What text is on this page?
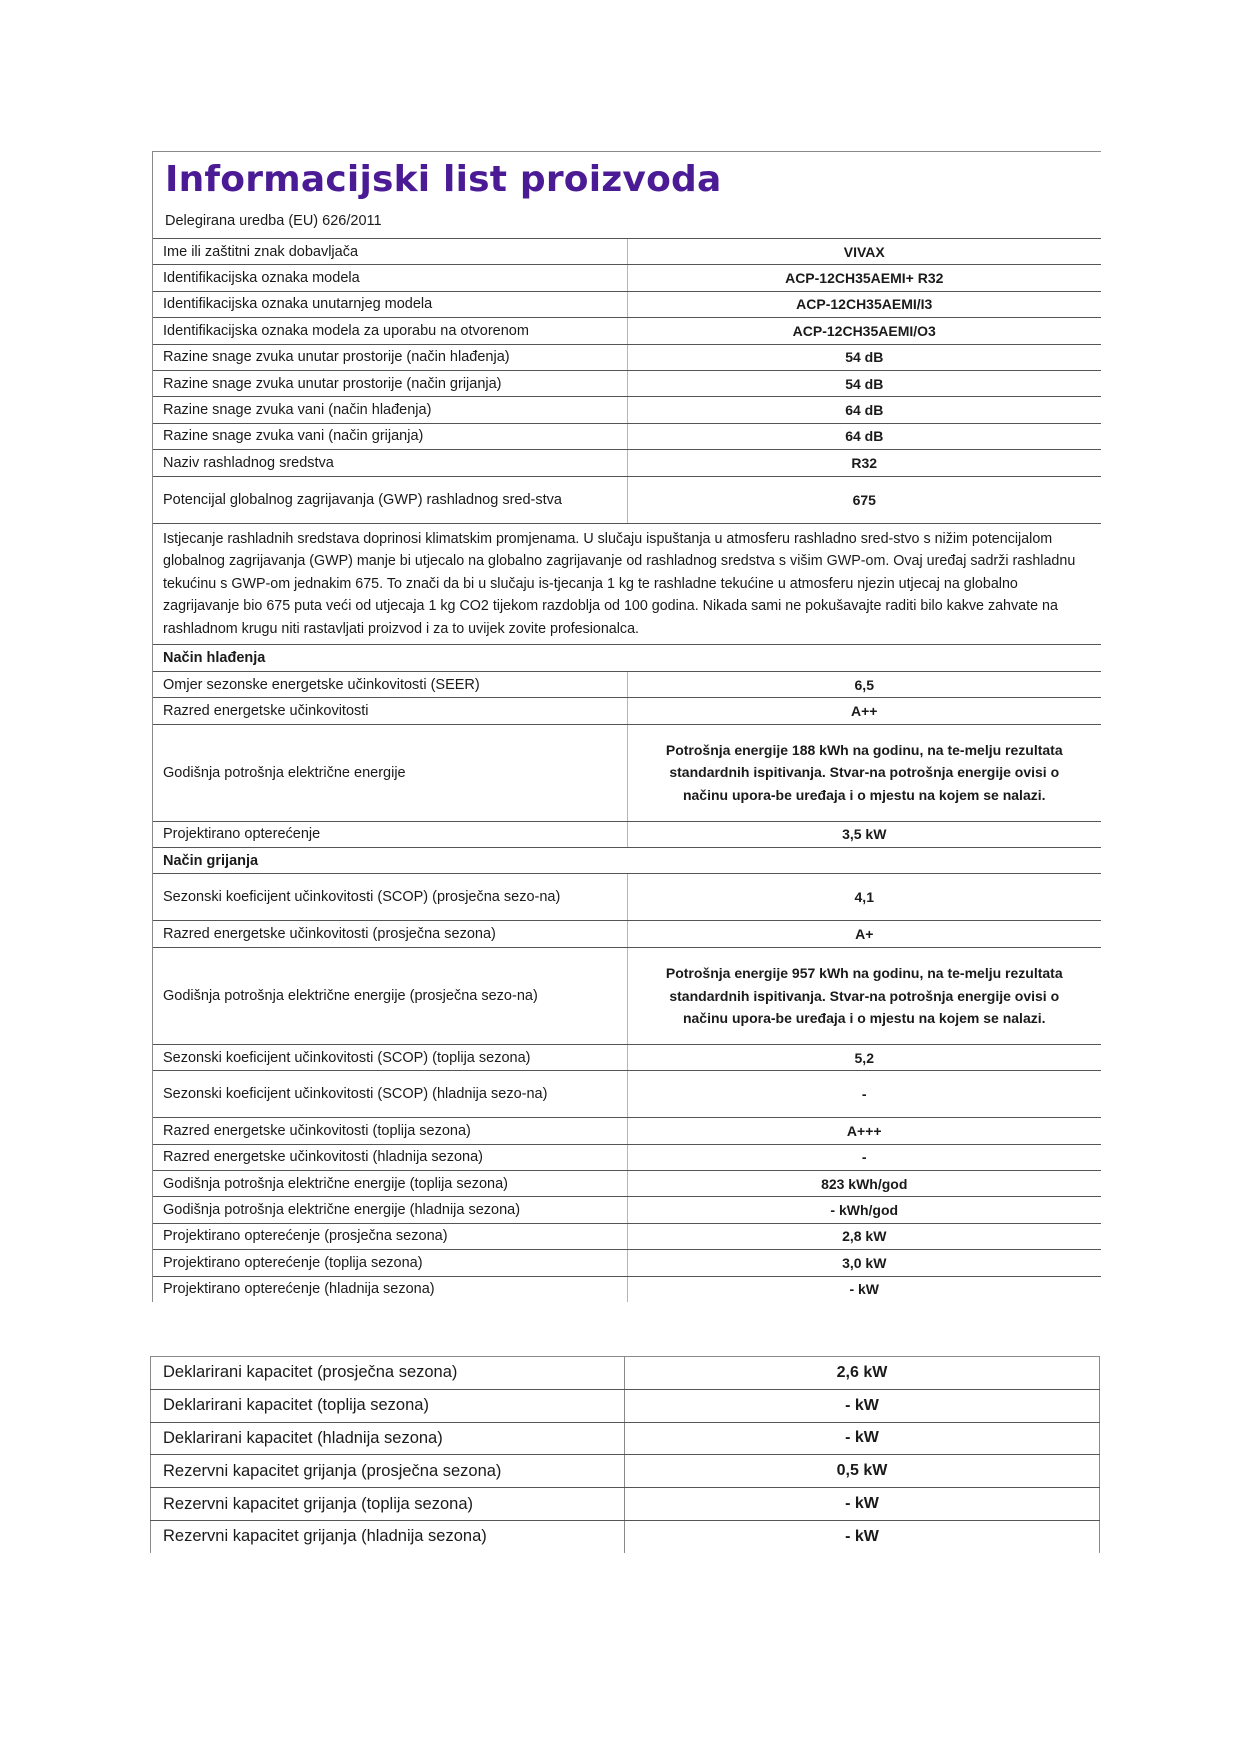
Informacijski list proizvoda
Delegirana uredba (EU) 626/2011
Ime ili zaštitni znak dobavljača	VIVAX
Identifikacijska oznaka modela	ACP-12CH35AEMI+ R32
Identifikacijska oznaka unutarnjeg modela	ACP-12CH35AEMI/I3
Identifikacijska oznaka modela za uporabu na otvorenom	ACP-12CH35AEMI/O3
Razine snage zvuka unutar prostorije (način hlađenja)	54 dB
Razine snage zvuka unutar prostorije (način grijanja)	54 dB
Razine snage zvuka vani (način hlađenja)	64 dB
Razine snage zvuka vani (način grijanja)	64 dB
Naziv rashladnog sredstva	R32
Potencijal globalnog zagrijavanja (GWP) rashladnog sred-stva	675
Istjecanje rashladnih sredstava doprinosi klimatskim promjenama. U slučaju ispuštanja u atmosferu rashladno sred-stvo s nižim potencijalom globalnog zagrijavanja (GWP) manje bi utjecalo na globalno zagrijavanje od rashladnog sredstva s višim GWP-om. Ovaj uređaj sadrži rashladnu tekućinu s GWP-om jednakim 675. To znači da bi u slučaju is-tjecanja 1 kg te rashladne tekućine u atmosferu njezin utjecaj na globalno zagrijavanje bio 675 puta veći od utjecaja 1 kg CO2 tijekom razdoblja od 100 godina. Nikada sami ne pokušavajte raditi bilo kakve zahvate na rashladnom krugu niti rastavljati proizvod i za to uvijek zovite profesionalca.	
Način hlađenja	
Omjer sezonske energetske učinkovitosti (SEER)	6,5
Razred energetske učinkovitosti	A++
Godišnja potrošnja električne energije	Potrošnja energije 188 kWh na godinu, na te-melju rezultata standardnih ispitivanja. Stvar-na potrošnja energije ovisi o načinu upora-be uređaja i o mjestu na kojem se nalazi.
Projektirano opterećenje	3,5 kW
Način grijanja	
Sezonski koeficijent učinkovitosti (SCOP) (prosječna sezo-na)	4,1
Razred energetske učinkovitosti (prosječna sezona)	A+
Godišnja potrošnja električne energije (prosječna sezo-na)	Potrošnja energije 957 kWh na godinu, na te-melju rezultata standardnih ispitivanja. Stvar-na potrošnja energije ovisi o načinu upora-be uređaja i o mjestu na kojem se nalazi.
Sezonski koeficijent učinkovitosti (SCOP) (toplija sezona)	5,2
Sezonski koeficijent učinkovitosti (SCOP) (hladnija sezo-na)	-
Razred energetske učinkovitosti (toplija sezona)	A+++
Razred energetske učinkovitosti (hladnija sezona)	-
Godišnja potrošnja električne energije (toplija sezona)	823 kWh/god
Godišnja potrošnja električne energije (hladnija sezona)	- kWh/god
Projektirano opterećenje (prosječna sezona)	2,8 kW
Projektirano opterećenje (toplija sezona)	3,0 kW
Projektirano opterećenje (hladnija sezona)	- kW
Deklarirani kapacitet (prosječna sezona)	2,6 kW
Deklarirani kapacitet (toplija sezona)	- kW
Deklarirani kapacitet (hladnija sezona)	- kW
Rezervni kapacitet grijanja (prosječna sezona)	0,5 kW
Rezervni kapacitet grijanja (toplija sezona)	- kW
Rezervni kapacitet grijanja (hladnija sezona)	- kW
